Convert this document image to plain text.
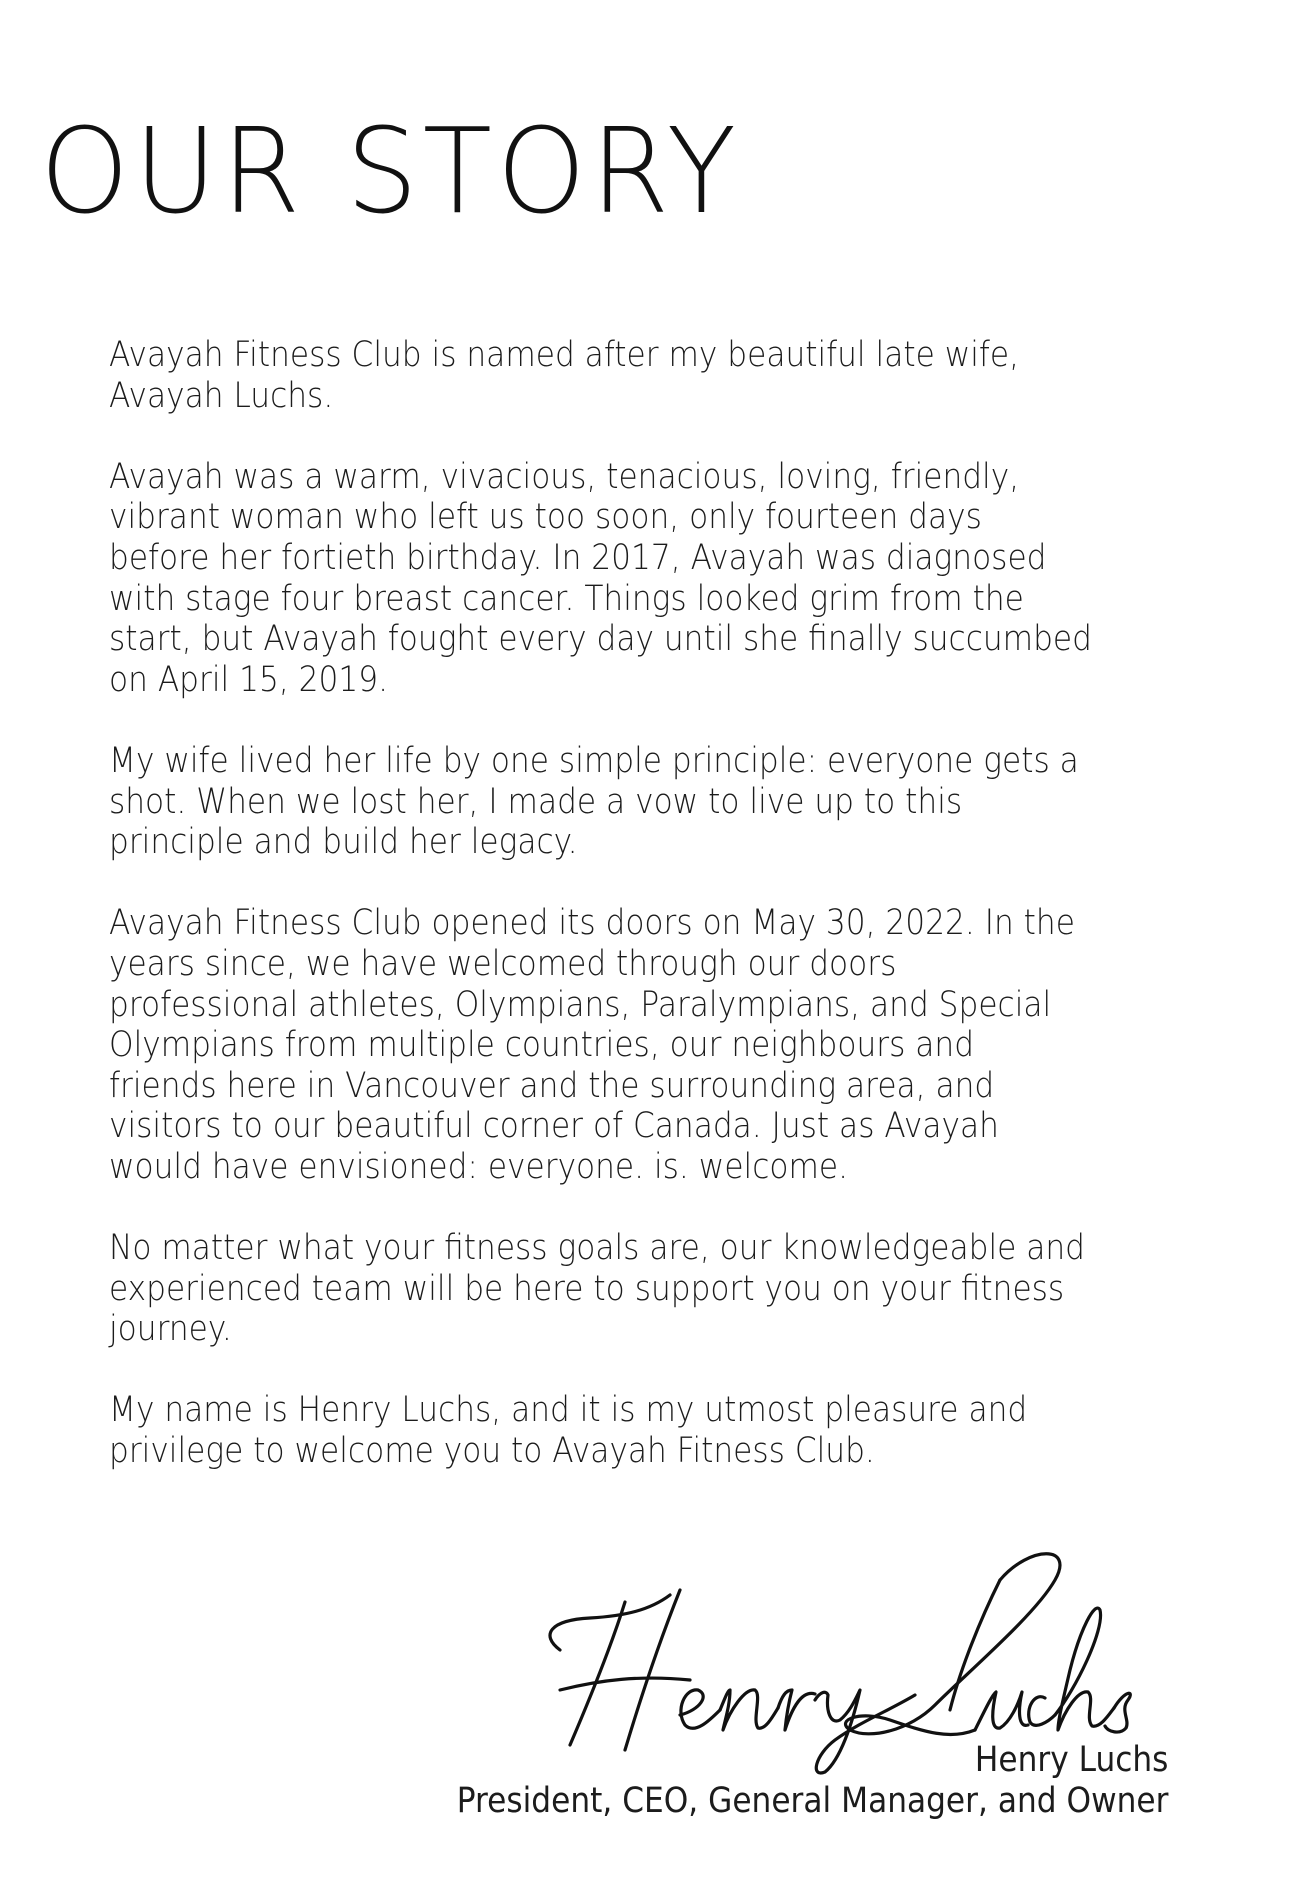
OUR STORY

Avayah Fitness Club is named after my beautiful late wife,
Avayah Luchs.

Avayah was a warm, vivacious, tenacious, loving, friendly,
vibrant woman who left us too soon, only fourteen days
before her fortieth birthday. In 2017, Avayah was diagnosed
with stage four breast cancer. Things looked grim from the
start, but Avayah fought every day until she finally succumbed
on April 15, 2019.

My wife lived her life by one simple principle: everyone gets a
shot. When we lost her, I made a vow to live up to this
principle and build her legacy.

Avayah Fitness Club opened its doors on May 30, 2022. In the
years since, we have welcomed through our doors
professional athletes, Olympians, Paralympians, and Special
Olympians from multiple countries, our neighbours and
friends here in Vancouver and the surrounding area, and
visitors to our beautiful corner of Canada. Just as Avayah
would have envisioned: everyone. is. welcome.

No matter what your fitness goals are, our knowledgeable and
experienced team will be here to support you on your fitness
journey.

My name is Henry Luchs, and it is my utmost pleasure and
privilege to welcome you to Avayah Fitness Club.

Henry Luchs
President, CEO, General Manager, and Owner
